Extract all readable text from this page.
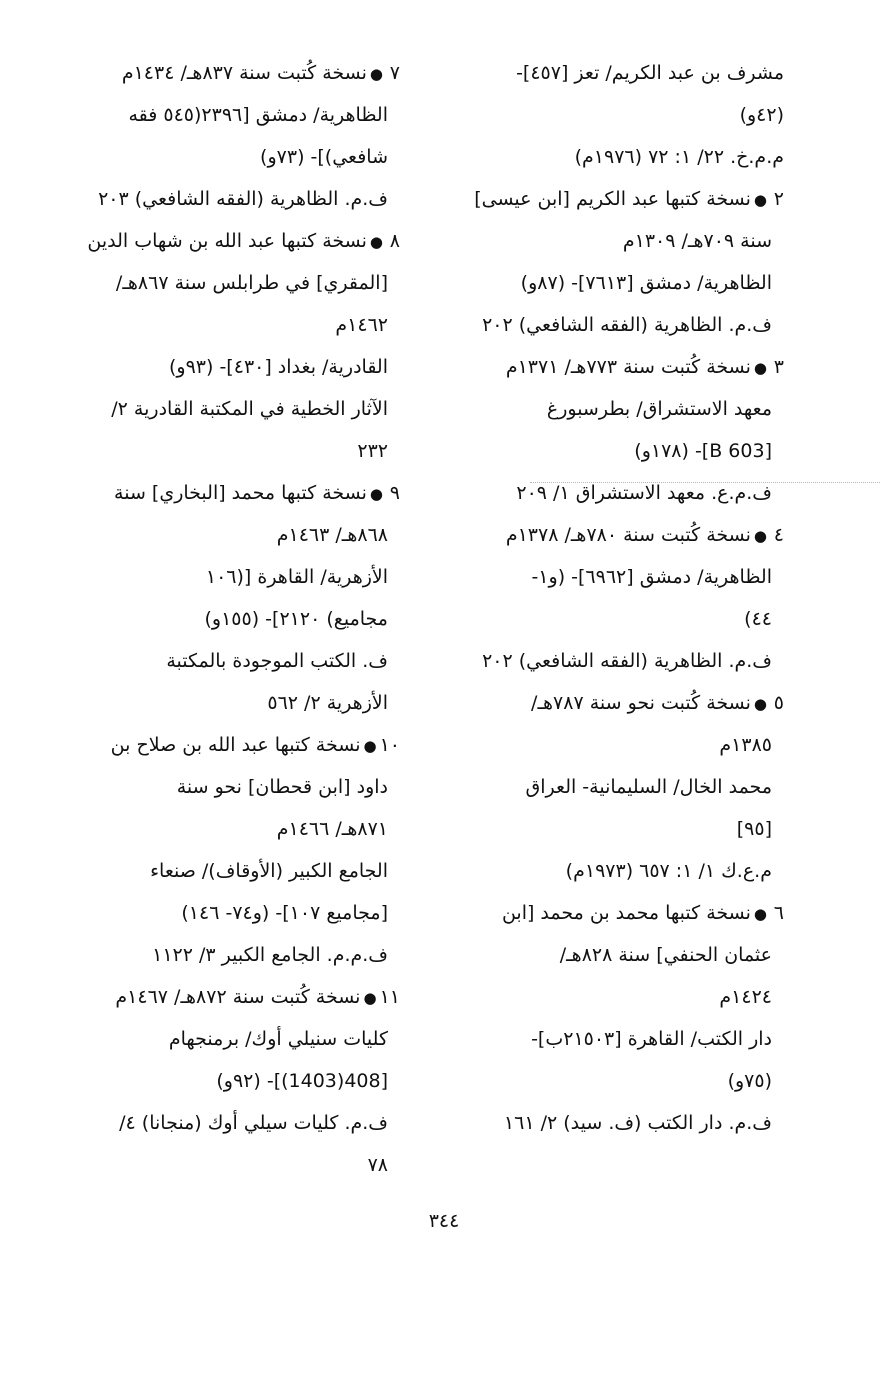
مشرف بن عبد الكريم/ تعز [٤٥٧]-
(٤٢و)
م.م.خ. ٢٢/ ١: ٧٢ (١٩٧٦م)
٢●نسخة كتبها عبد الكريم [ابن عيسى]
سنة ٧٠٩هـ/ ١٣٠٩م
الظاهرية/ دمشق [٧٦١٣]- (٨٧و)
ف.م. الظاهرية (الفقه الشافعي) ٢٠٢
٣●نسخة كُتبت سنة ٧٧٣هـ/ ١٣٧١م
معهد الاستشراق/ بطرسبورغ
[B 603]- (١٧٨و)
ف.م.ع. معهد الاستشراق ١/ ٢٠٩
٤●نسخة كُتبت سنة ٧٨٠هـ/ ١٣٧٨م
الظاهرية/ دمشق [٦٩٦٢]- (و١-
٤٤)
ف.م. الظاهرية (الفقه الشافعي) ٢٠٢
٥●نسخة كُتبت نحو سنة ٧٨٧هـ/
١٣٨٥م
محمد الخال/ السليمانية- العراق
[٩٥]
م.ع.ك ١/ ١: ٦٥٧ (١٩٧٣م)
٦●نسخة كتبها محمد بن محمد [ابن
عثمان الحنفي] سنة ٨٢٨هـ/
١٤٢٤م
دار الكتب/ القاهرة [٢١٥٠٣ب]-
(٧٥و)
ف.م. دار الكتب (ف. سيد) ٢/ ١٦١
٧●نسخة كُتبت سنة ٨٣٧هـ/ ١٤٣٤م
الظاهرية/ دمشق [٢٣٩٦(٥٤٥ فقه
شافعي)]- (٧٣و)
ف.م. الظاهرية (الفقه الشافعي) ٢٠٣
٨●نسخة كتبها عبد الله بن شهاب الدين
[المقري] في طرابلس سنة ٨٦٧هـ/
١٤٦٢م
القادرية/ بغداد [٤٣٠]- (٩٣و)
الآثار الخطية في المكتبة القادرية ٢/
٢٣٢
٩●نسخة كتبها محمد [البخاري] سنة
٨٦٨هـ/ ١٤٦٣م
الأزهرية/ القاهرة [(١٠٦
مجاميع) ٢١٢٠]- (١٥٥و)
ف. الكتب الموجودة بالمكتبة
الأزهرية ٢/ ٥٦٢
١٠●نسخة كتبها عبد الله بن صلاح بن
داود [ابن قحطان] نحو سنة
٨٧١هـ/ ١٤٦٦م
الجامع الكبير (الأوقاف)/ صنعاء
[مجاميع ١٠٧]- (و٧٤- ١٤٦)
ف.م.م. الجامع الكبير ٣/ ١١٢٢
١١●نسخة كُتبت سنة ٨٧٢هـ/ ١٤٦٧م
كليات سنيلي أوك/ برمنجهام
[408(1403)]- (٩٢و)
ف.م. كليات سيلي أوك (منجانا) ٤/
٧٨
٣٤٤
